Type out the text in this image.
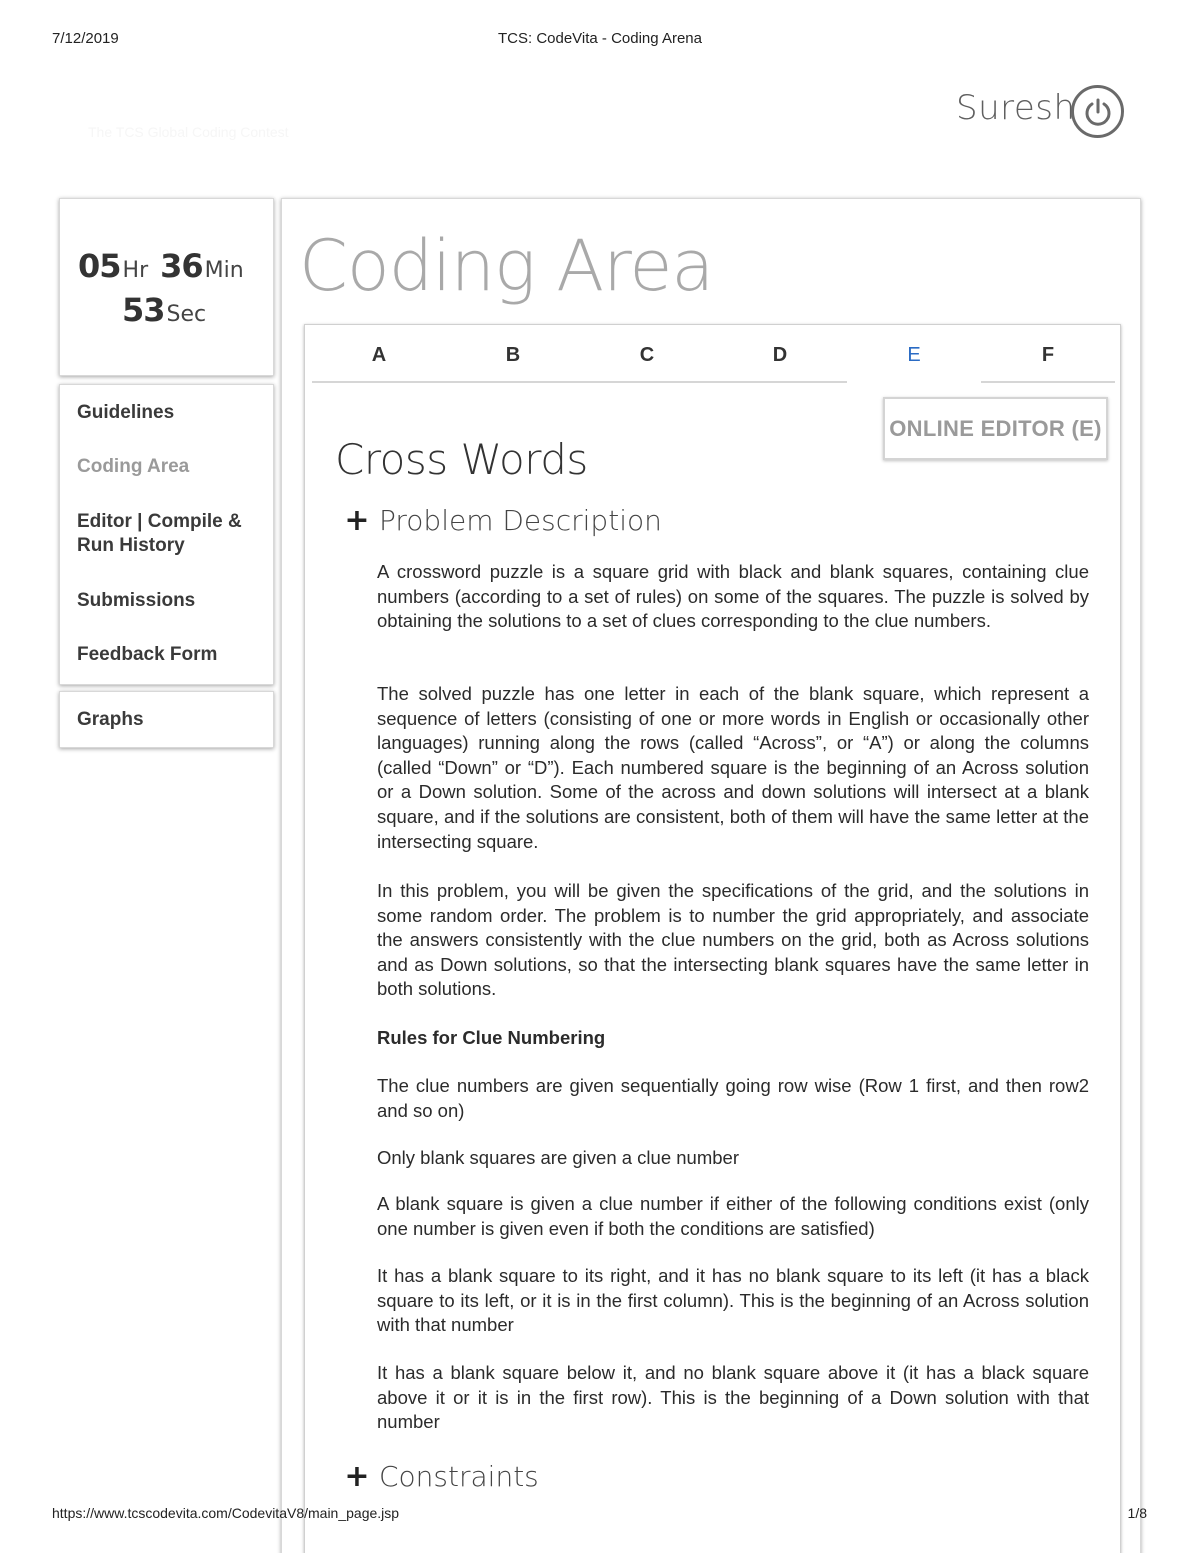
7/12/2019	TCS: CodeVita - Coding Arena
The TCS Global Coding Contest
Suresh
05Hr 36Min
53Sec
Guidelines
Coding Area
Editor | Compile & Run History
Submissions
Feedback Form
Graphs
Coding Area
A	B	C	D	E	F
ONLINE EDITOR (E)
Cross Words
+ Problem Description
A crossword puzzle is a square grid with black and blank squares, containing clue numbers (according to a set of rules) on some of the squares. The puzzle is solved by obtaining the solutions to a set of clues corresponding to the clue numbers.
The solved puzzle has one letter in each of the blank square, which represent a sequence of letters (consisting of one or more words in English or occasionally other languages) running along the rows (called “Across”, or “A”) or along the columns (called “Down” or “D”). Each numbered square is the beginning of an Across solution or a Down solution. Some of the across and down solutions will intersect at a blank square, and if the solutions are consistent, both of them will have the same letter at the intersecting square.
In this problem, you will be given the specifications of the grid, and the solutions in some random order. The problem is to number the grid appropriately, and associate the answers consistently with the clue numbers on the grid, both as Across solutions and as Down solutions, so that the intersecting blank squares have the same letter in both solutions.
Rules for Clue Numbering
The clue numbers are given sequentially going row wise (Row 1 first, and then row2 and so on)
Only blank squares are given a clue number
A blank square is given a clue number if either of the following conditions exist (only one number is given even if both the conditions are satisfied)
It has a blank square to its right, and it has no blank square to its left (it has a black square to its left, or it is in the first column). This is the beginning of an Across solution with that number
It has a blank square below it, and no blank square above it (it has a black square above it or it is in the first row). This is the beginning of a Down solution with that number
+ Constraints
https://www.tcscodevita.com/CodevitaV8/main_page.jsp	1/8
